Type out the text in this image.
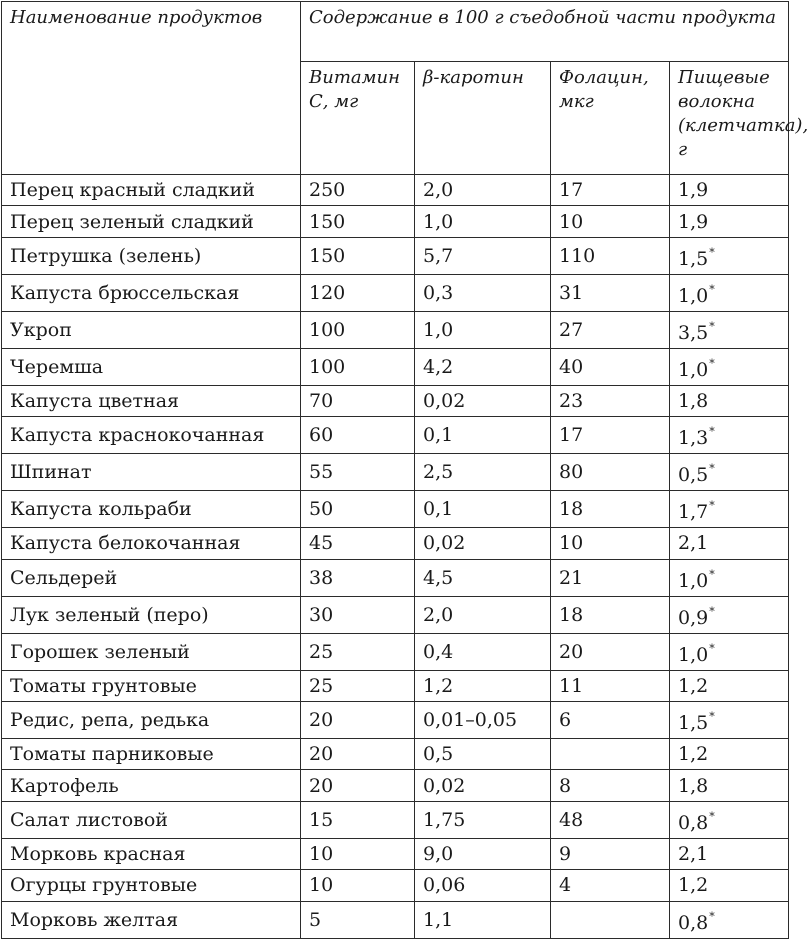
Наименование продуктов	Содержание в 100 г съедобной части продукта			
	Витамин С, мг	β-каротин	Фолацин, мкг	Пищевые волокна (клетчатка), г
Перец красный сладкий	250	2,0	17	1,9
Перец зеленый сладкий	150	1,0	10	1,9
Петрушка (зелень)	150	5,7	110	1,5*
Капуста брюссельская	120	0,3	31	1,0*
Укроп	100	1,0	27	3,5*
Черемша	100	4,2	40	1,0*
Капуста цветная	70	0,02	23	1,8
Капуста краснокочанная	60	0,1	17	1,3*
Шпинат	55	2,5	80	0,5*
Капуста кольраби	50	0,1	18	1,7*
Капуста белокочанная	45	0,02	10	2,1
Сельдерей	38	4,5	21	1,0*
Лук зеленый (перо)	30	2,0	18	0,9*
Горошек зеленый	25	0,4	20	1,0*
Томаты грунтовые	25	1,2	11	1,2
Редис, репа, редька	20	0,01–0,05	6	1,5*
Томаты парниковые	20	0,5		1,2
Картофель	20	0,02	8	1,8
Салат листовой	15	1,75	48	0,8*
Морковь красная	10	9,0	9	2,1
Огурцы грунтовые	10	0,06	4	1,2
Морковь желтая	5	1,1		0,8*
